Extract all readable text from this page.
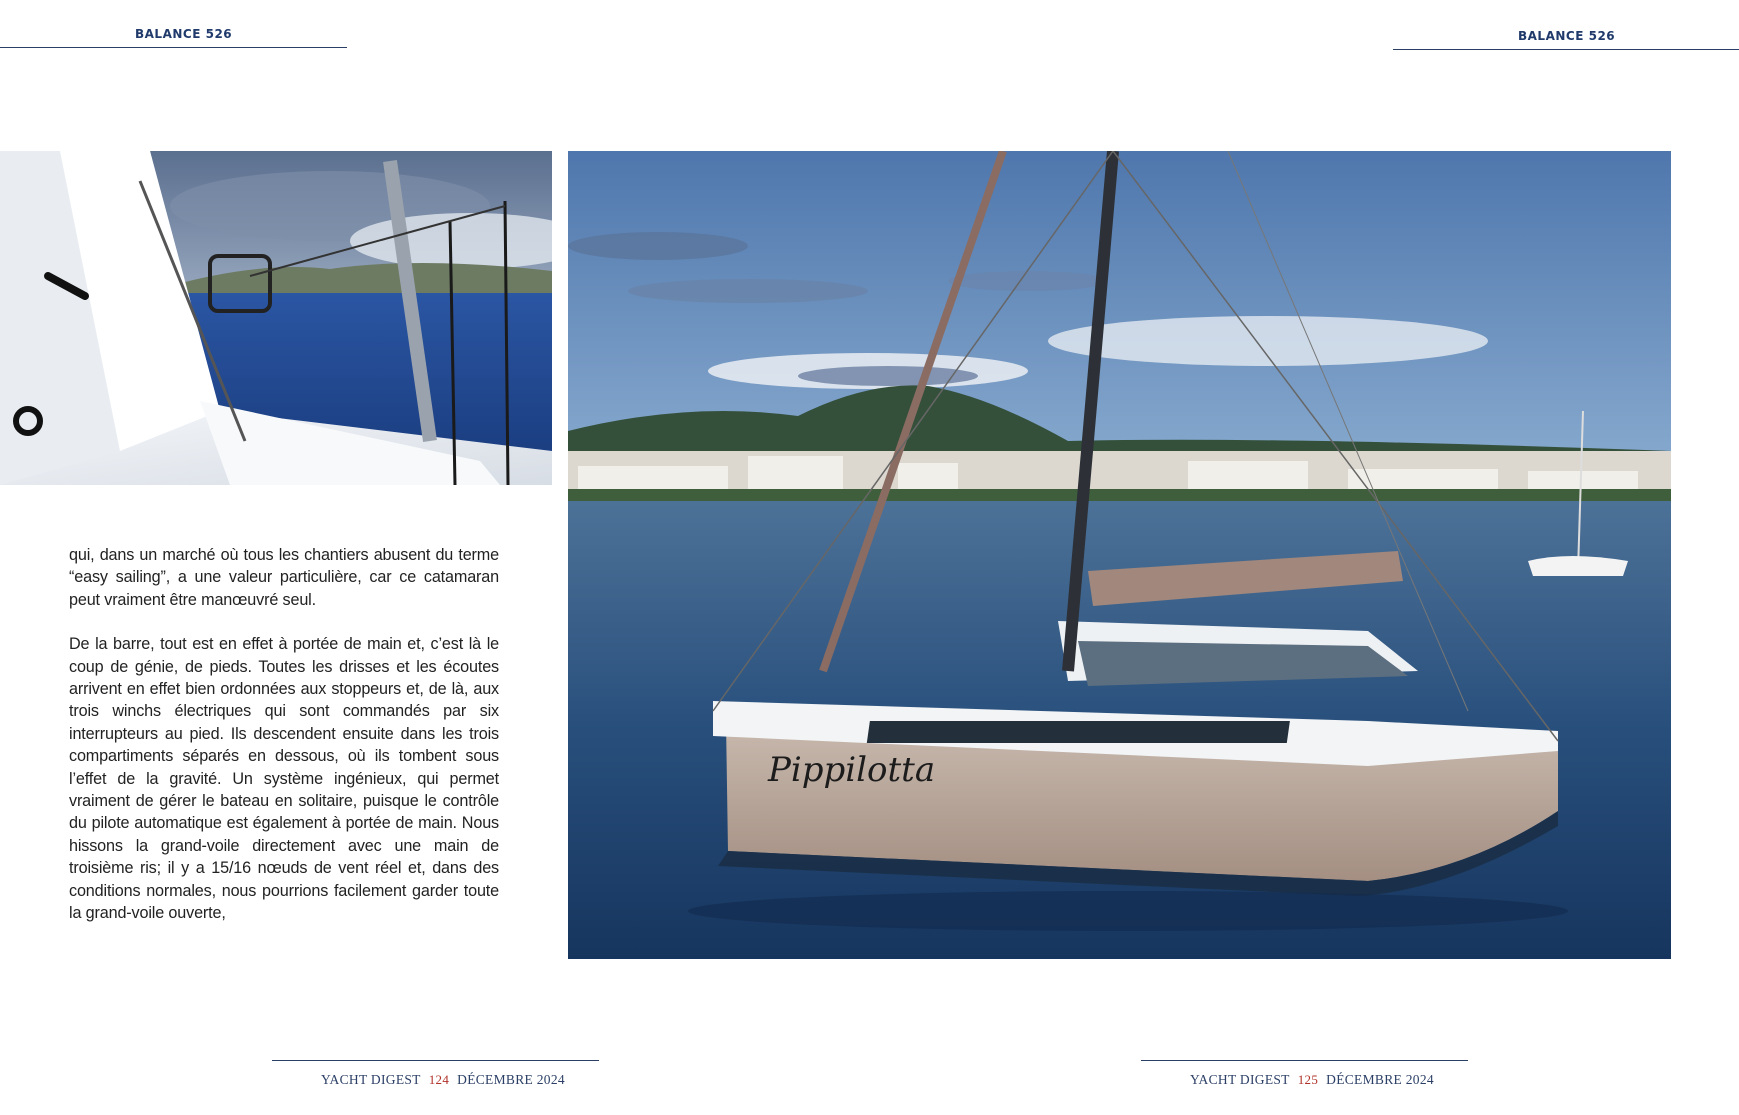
BALANCE 526	BALANCE 526
Pippilotta

qui, dans un marché où tous les chantiers abusent du terme “easy sailing”, a une valeur particulière, car ce catamaran peut vraiment être manœuvré seul.

De la barre, tout est en effet à portée de main et, c’est là le coup de génie, de pieds. Toutes les drisses et les écoutes arrivent en effet bien ordonnées aux stoppeurs et, de là, aux trois winchs électriques qui sont commandés par six interrupteurs au pied. Ils descendent ensuite dans les trois compartiments séparés en dessous, où ils tombent sous l’effet de la gravité. Un système ingénieux, qui permet vraiment de gérer le bateau en solitaire, puisque le contrôle du pilote automatique est également à portée de main. Nous hissons la grand-voile directement avec une main de troisième ris; il y a 15/16 nœuds de vent réel et, dans des conditions normales, nous pourrions facilement garder toute la grand-voile ouverte,

YACHT DIGEST 124 DÉCEMBRE 2024	YACHT DIGEST 125 DÉCEMBRE 2024
